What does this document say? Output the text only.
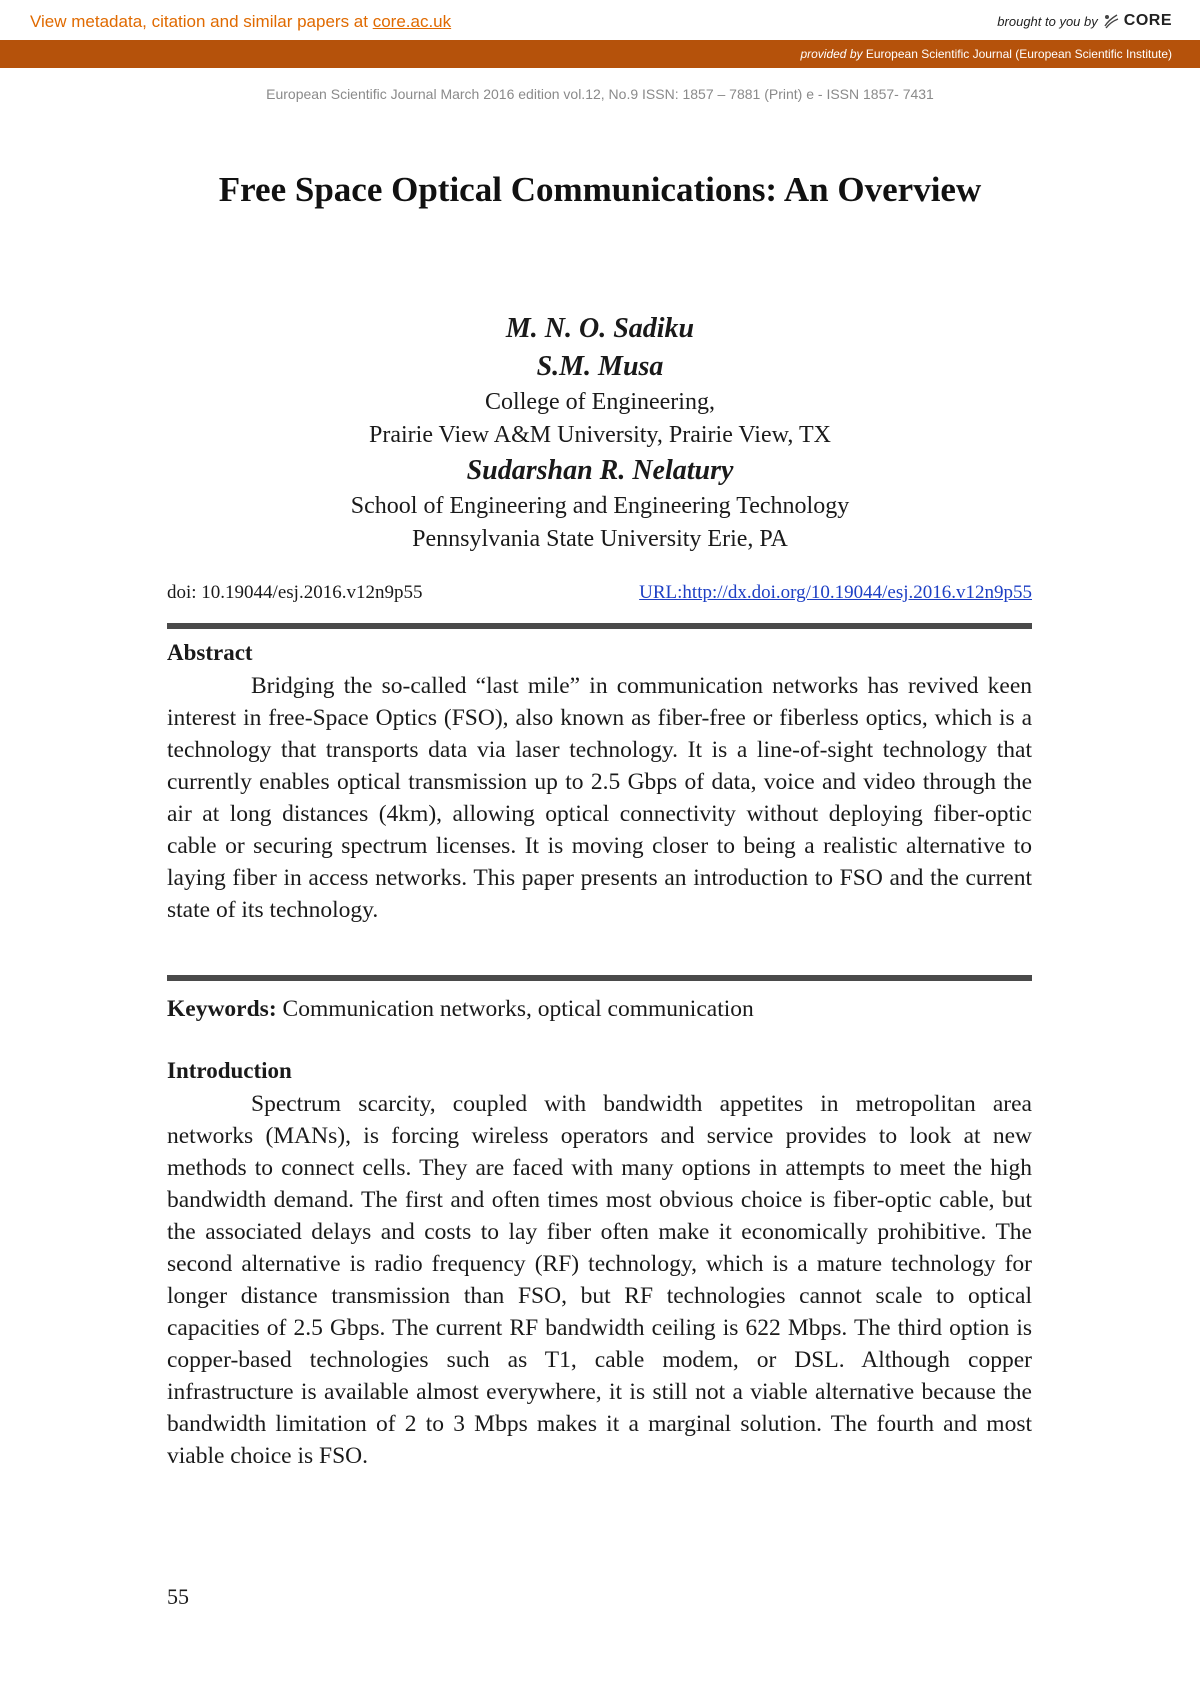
View metadata, citation and similar papers at core.ac.uk	brought to you by CORE
provided by European Scientific Journal (European Scientific Institute)
European Scientific Journal March 2016 edition vol.12, No.9 ISSN: 1857 – 7881 (Print) e - ISSN 1857- 7431
Free Space Optical Communications: An Overview
M. N. O. Sadiku
S.M. Musa
College of Engineering,
Prairie View A&M University, Prairie View, TX
Sudarshan R. Nelatury
School of Engineering and Engineering Technology
Pennsylvania State University Erie, PA
doi: 10.19044/esj.2016.v12n9p55	URL:http://dx.doi.org/10.19044/esj.2016.v12n9p55
Abstract

Bridging the so-called “last mile” in communication networks has revived keen interest in free-Space Optics (FSO), also known as fiber-free or fiberless optics, which is a technology that transports data via laser technology. It is a line-of-sight technology that currently enables optical transmission up to 2.5 Gbps of data, voice and video through the air at long distances (4km), allowing optical connectivity without deploying fiber-optic cable or securing spectrum licenses. It is moving closer to being a realistic alternative to laying fiber in access networks. This paper presents an introduction to FSO and the current state of its technology.

Keywords: Communication networks, optical communication
Introduction

Spectrum scarcity, coupled with bandwidth appetites in metropolitan area networks (MANs), is forcing wireless operators and service provides to look at new methods to connect cells. They are faced with many options in attempts to meet the high bandwidth demand. The first and often times most obvious choice is fiber-optic cable, but the associated delays and costs to lay fiber often make it economically prohibitive. The second alternative is radio frequency (RF) technology, which is a mature technology for longer distance transmission than FSO, but RF technologies cannot scale to optical capacities of 2.5 Gbps. The current RF bandwidth ceiling is 622 Mbps. The third option is copper-based technologies such as T1, cable modem, or DSL. Although copper infrastructure is available almost everywhere, it is still not a viable alternative because the bandwidth limitation of 2 to 3 Mbps makes it a marginal solution. The fourth and most viable choice is FSO.

55
